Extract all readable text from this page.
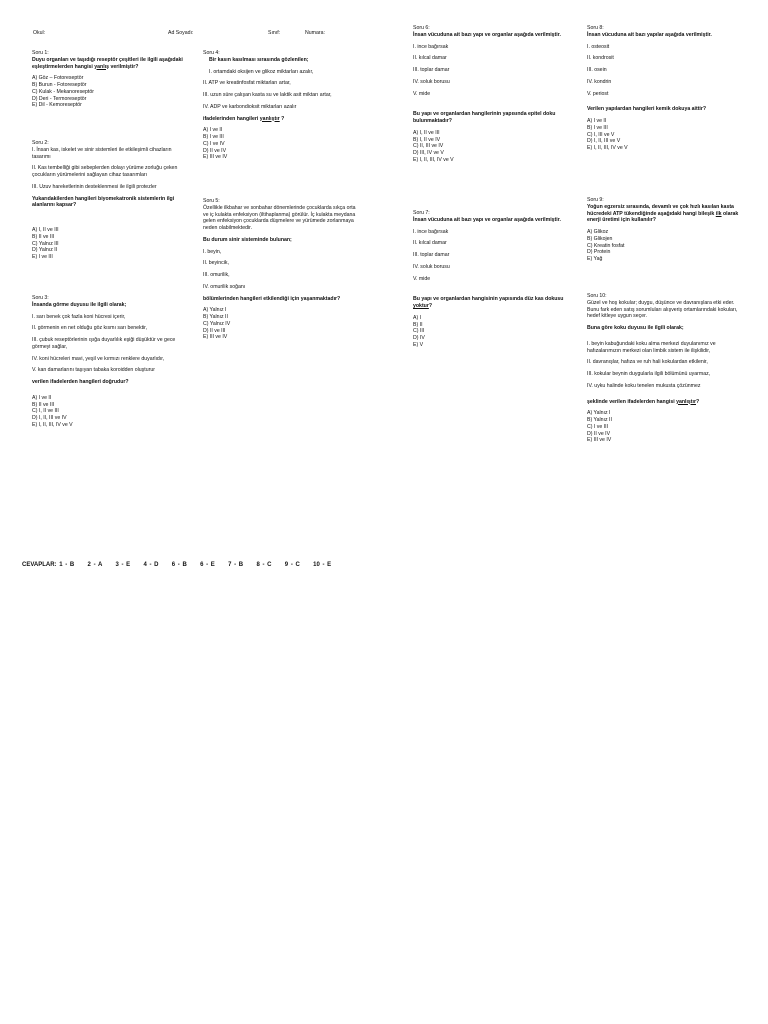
Okul:	Ad Soyadı:	Sınıf:	Numara:

Soru 1:

Duyu organları ve taşıdığı reseptör çeşitleri ile ilgili aşağıdaki eşleştirmelerden hangisi yanlış verilmiştir?

A) Göz – Fotoreseptör

B) Burun - Fotoreseptör

C) Kulak - Mekanoreseptör

D) Deri - Termoreseptör

E) Dil - Kemoreseptör

Soru 2:

I. İnsan kas, iskelet ve sinir sistemleri ile etkileşimli cihazların tasarımı

II. Kas tembelliği gibi sebeplerden dolayı yürüme zorluğu çeken çocukların yürümelerini sağlayan cihaz tasarımları

III. Uzuv hareketlerinin desteklenmesi ile ilgili protezler

Yukarıdakilerden hangileri biyomekatronik sistemlerin ilgi alanlarını kapsar?

A) I, II ve III

B) II ve III

C) Yalnız III

D) Yalnız II

E) I ve III

Soru 3:

İnsanda görme duyusu ile ilgili olarak;

I. sarı benek çok fazla koni hücresi içerir,

II. görmenin en net olduğu göz kısmı sarı benektir,

III. çubuk reseptörlerinin ışığa duyarlılık eşiği düşüktür ve gece görmeyi sağlar,

IV. koni hücreleri mavi, yeşil ve kırmızı renklere duyarlıdır,

V. kan damarlarını taşıyan tabaka koroidden oluşturur

verilen ifadelerden hangileri doğrudur?

A) I ve II

B) II ve III

C) I, II ve III

D) I, II, III ve IV

E) I, II, III, IV ve V

Soru 4:

Bir kasın kasılması sırasında gözlenilen;

I. ortamdaki oksijen ve glikoz miktarları azalır,

II. ATP ve kreatinfosfat miktarları artar,

III. uzun süre çalışan kasta su ve laktik asit miktarı artar,

IV. ADP ve karbondioksit miktarları azalır

ifadelerinden hangileri yanlıştır ?

A) I ve II

B) I ve III

C) I ve IV

D) II ve IV

E) III ve IV

Soru 5:

Özellikle ilkbahar ve sonbahar dönemlerinde çocuklarda sıkça orta ve iç kulakta enfeksiyon (iltihaplanma) görülür. İç kulakta meydana gelen enfeksiyon çocuklarda düşmelere ve yürümede zorlanmaya neden olabilmektedir.

Bu durum sinir sisteminde bulunan;

I. beyin,

II. beyincik,

III. omurilik,

IV. omurilik soğanı

bölümlerinden hangileri etkilendiği için yaşanmaktadır?

A) Yalnız I

B) Yalnız II

C) Yalnız IV

D) II ve III

E) III ve IV

Soru 6:

İnsan vücuduna ait bazı yapı ve organlar aşağıda verilmiştir.

I. ince bağırsak

II. kılcal damar

III. toplar damar

IV. soluk borusu

V. mide

Bu yapı ve organlardan hangilerinin yapısında epitel doku bulunmaktadır?

A) I, II ve III

B) I, II ve IV

C) II, III ve IV

D) III, IV ve V

E) I, II, III, IV ve V

Soru 7:

İnsan vücuduna ait bazı yapı ve organlar aşağıda verilmiştir.

I. ince bağırsak

II. kılcal damar

III. toplar damar

IV. soluk borusu

V. mide

Bu yapı ve organlardan hangisinin yapısında düz kas dokusu yoktur?

A) I

B) II

C) III

D) IV

E) V

Soru 8:

İnsan vücuduna ait bazı yapılar aşağıda verilmiştir.

I. osteosit

II. kondrosit

III. osein

IV. kondrin

V. periost

Verilen yapılardan hangileri kemik dokuya aittir?

A) I ve II

B) I ve III

C) I, III ve V

D) I, II, III ve V

E) I, II, III, IV ve V

Soru 9:

Yoğun egzersiz sırasında, devamlı ve çok hızlı kasılan kasta hücredeki ATP tükendiğinde aşağıdaki hangi bileşik ilk olarak enerji üretimi için kullanılır?

A) Glikoz

B) Glikojen

C) Kreatin fosfat

D) Protein

E) Yağ

Soru 10:

Güzel ve hoş kokular; duygu, düşünce ve davranışlara etki eder. Bunu fark eden satış sorumluları alışveriş ortamlarındaki kokuları, hedef kitleye uygun seçer.

Buna göre koku duyusu ile ilgili olarak;

I. beyin kabuğundaki koku alma merkezi duyulanımız ve hafızalarımızın merkezi olan limbik sistem ile ilişkilidir,

II. davranışlar, hafıza ve ruh hali kokulardan etkilenir,

III. kokular beynin duygularla ilgili bölümünü uyarmaz,

IV. uyku halinde koku tenelen mukusta çözünmez

şeklinde verilen ifadelerden hangisi yanlıştır?

A) Yalnız I

B) Yalnız II

C) I ve III

D) II ve IV

E) III ve IV

CEVAPLAR: 1 - B     2 - A     3 - E     4 - D     6 - B     6 - E     7 - B     8 - C     9 - C     10 - E
